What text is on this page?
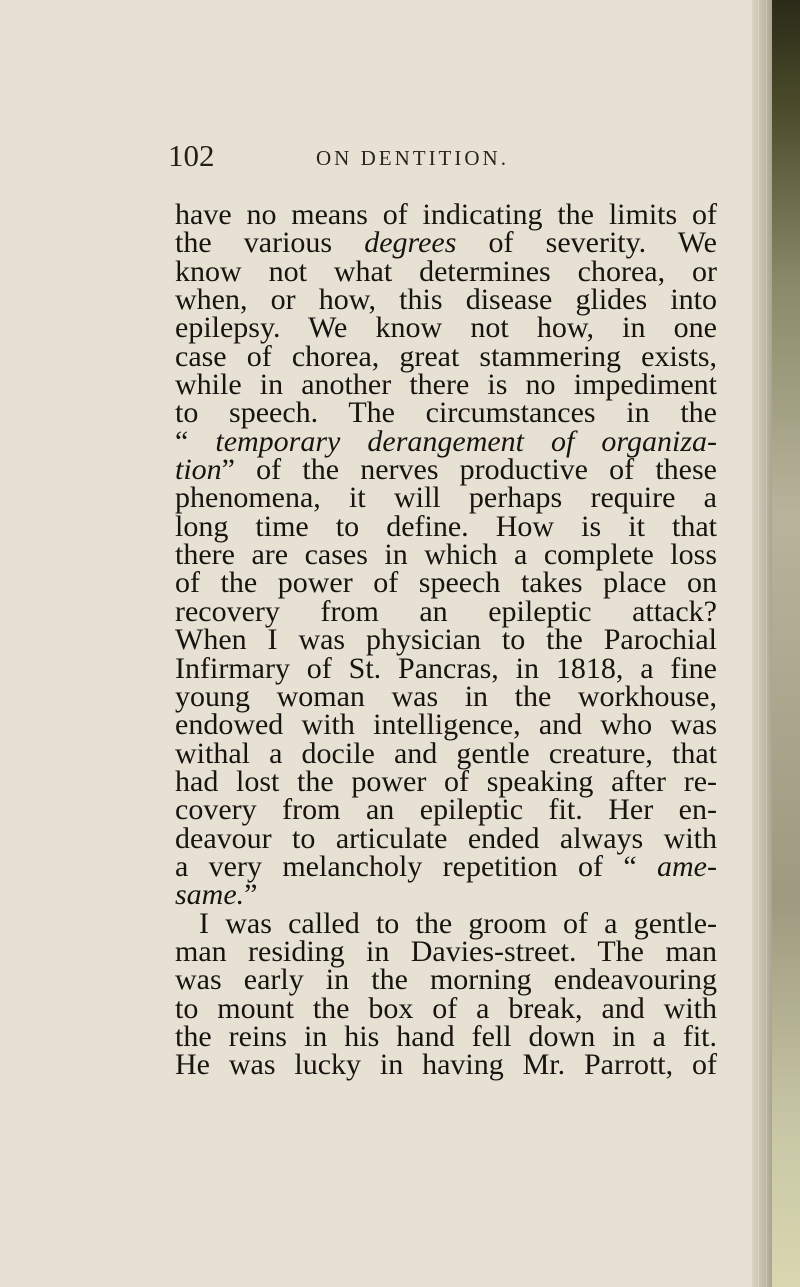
102	ON DENTITION.
have no means of indicating the limits of
the various degrees of severity. We
know not what determines chorea, or
when, or how, this disease glides into
epilepsy. We know not how, in one
case of chorea, great stammering exists,
while in another there is no impediment
to speech. The circumstances in the
“ temporary derangement of organiza-
tion” of the nerves productive of these
phenomena, it will perhaps require a
long time to define. How is it that
there are cases in which a complete loss
of the power of speech takes place on
recovery from an epileptic attack?
When I was physician to the Parochial
Infirmary of St. Pancras, in 1818, a fine
young woman was in the workhouse,
endowed with intelligence, and who was
withal a docile and gentle creature, that
had lost the power of speaking after re-
covery from an epileptic fit. Her en-
deavour to articulate ended always with
a very melancholy repetition of “ ame-
same.”
I was called to the groom of a gentle-
man residing in Davies-street. The man
was early in the morning endeavouring
to mount the box of a break, and with
the reins in his hand fell down in a fit.
He was lucky in having Mr. Parrott, of
